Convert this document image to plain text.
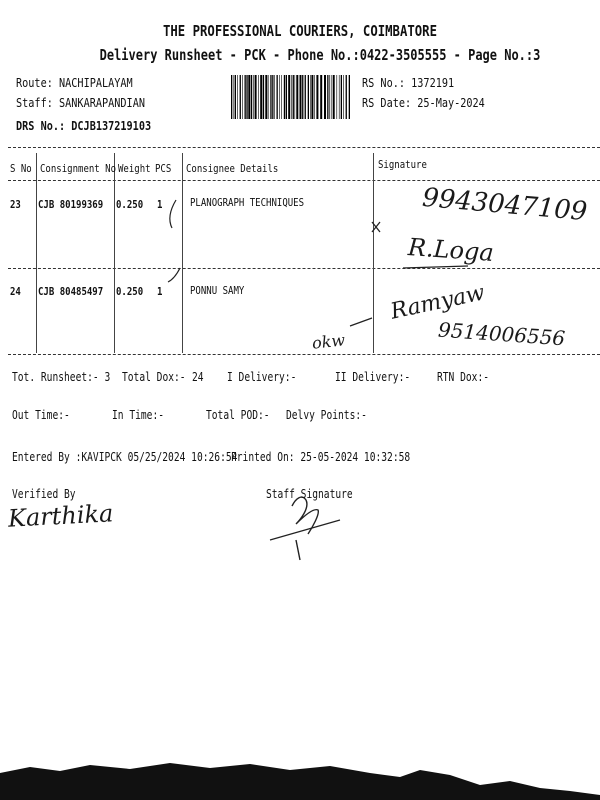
THE PROFESSIONAL COURIERS, COIMBATORE
Delivery Runsheet - PCK - Phone No.:0422-3505555 - Page No.:3
Route: NACHIPALAYAM
Staff: SANKARAPANDIAN
DRS No.: DCJB137219103
RS No.: 1372191
RS Date: 25-May-2024
S No Consignment No Weight PCS Consignee Details	Signature
23 CJB 80199369 0.250 1	PLANOGRAPH TECHNIQUES	9943047109
R.Loga
24 CJB 80485497 0.250 1	PONNU SAMY
okw
Ramyaw
9514006556
Tot. Runsheet:- 3 Total Dox:- 24 I Delivery:-	II Delivery:- RTN Dox:-
Out Time:-	In Time:-	Total POD:- Delvy Points:-
Entered By :KAVIPCK 05/25/2024 10:26:54
Printed On: 25-05-2024 10:32:58
Verified By
Karthika
Staff Signature
